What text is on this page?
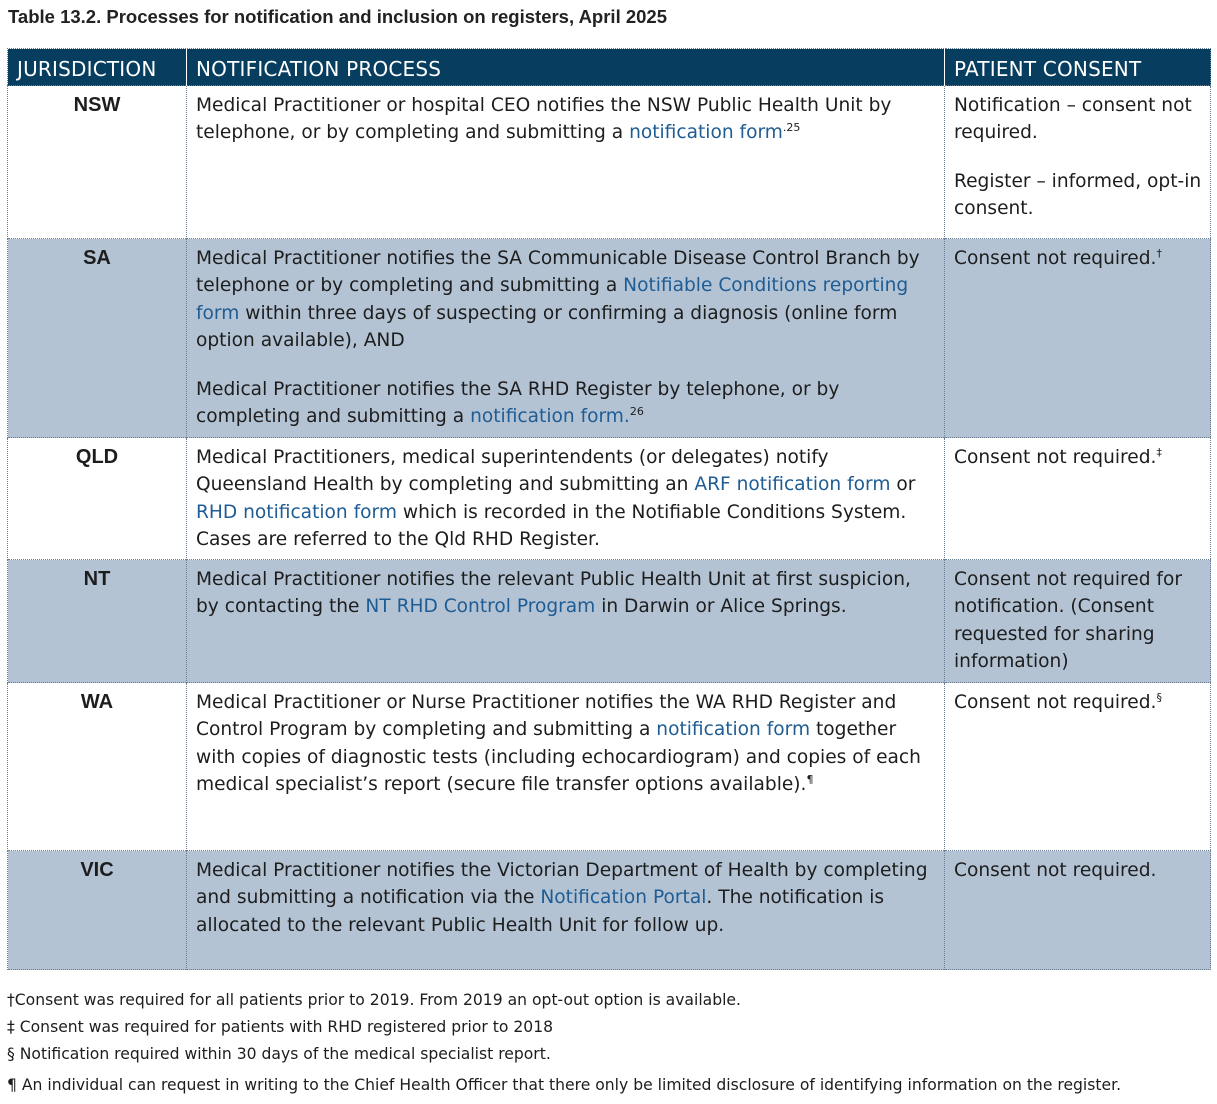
Table 13.2. Processes for notification and inclusion on registers, April 2025
JURISDICTION	NOTIFICATION PROCESS	PATIENT CONSENT
NSW	Medical Practitioner or hospital CEO notifies the NSW Public Health Unit by telephone, or by completing and submitting a notification form$^{.25}$	Notification – consent not required.
Register – informed, opt-in consent.

SA	Medical Practitioner notifies the SA Communicable Disease Control Branch by telephone or by completing and submitting a Notifiable Conditions reporting form within three days of suspecting or confirming a diagnosis (online form option available), AND
Medical Practitioner notifies the SA RHD Register by telephone, or by completing and submitting a notification form.$^{26}$	Consent not required.†
QLD	Medical Practitioners, medical superintendents (or delegates) notify Queensland Health by completing and submitting an ARF notification form or RHD notification form which is recorded in the Notifiable Conditions System. Cases are referred to the Qld RHD Register.	Consent not required.‡
NT	Medical Practitioner notifies the relevant Public Health Unit at first suspicion, by contacting the NT RHD Control Program in Darwin or Alice Springs.	Consent not required for notification. (Consent requested for sharing information)
WA	Medical Practitioner or Nurse Practitioner notifies the WA RHD Register and Control Program by completing and submitting a notification form together with copies of diagnostic tests (including echocardiogram) and copies of each medical specialist’s report (secure file transfer options available).¶	Consent not required.§
VIC	Medical Practitioner notifies the Victorian Department of Health by completing and submitting a notification via the Notification Portal. The notification is allocated to the relevant Public Health Unit for follow up.	Consent not required.
†Consent was required for all patients prior to 2019. From 2019 an opt-out option is available.
‡ Consent was required for patients with RHD registered prior to 2018
§ Notification required within 30 days of the medical specialist report.
¶ An individual can request in writing to the Chief Health Officer that there only be limited disclosure of identifying information on the register.
